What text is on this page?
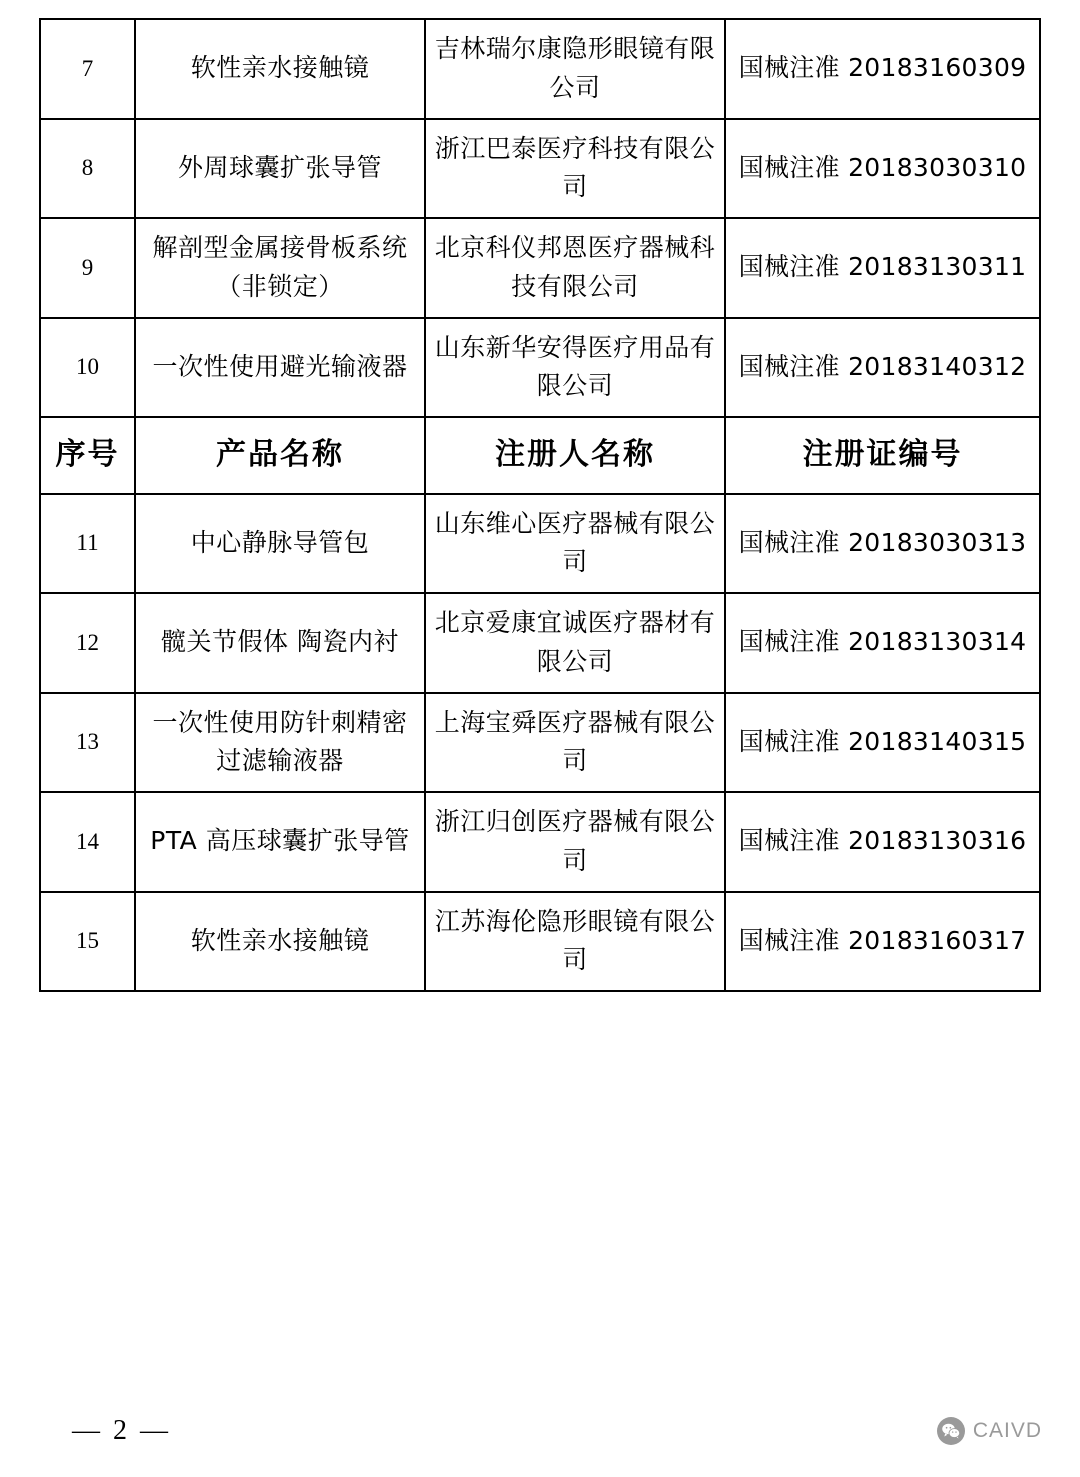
7	软性亲水接触镜	吉林瑞尔康隐形眼镜有限公司	国械注准 20183160309
8	外周球囊扩张导管	浙江巴泰医疗科技有限公司	国械注准 20183030310
9	解剖型金属接骨板系统（非锁定）	北京科仪邦恩医疗器械科技有限公司	国械注准 20183130311
10	一次性使用避光输液器	山东新华安得医疗用品有限公司	国械注准 20183140312
序号	产品名称	注册人名称	注册证编号
11	中心静脉导管包	山东维心医疗器械有限公司	国械注准 20183030313
12	髋关节假体 陶瓷内衬	北京爱康宜诚医疗器材有限公司	国械注准 20183130314
13	一次性使用防针刺精密过滤输液器	上海宝舜医疗器械有限公司	国械注准 20183140315
14	PTA 高压球囊扩张导管	浙江归创医疗器械有限公司	国械注准 20183130316
15	软性亲水接触镜	江苏海伦隐形眼镜有限公司	国械注准 20183160317
— 2 —	CAIVD
